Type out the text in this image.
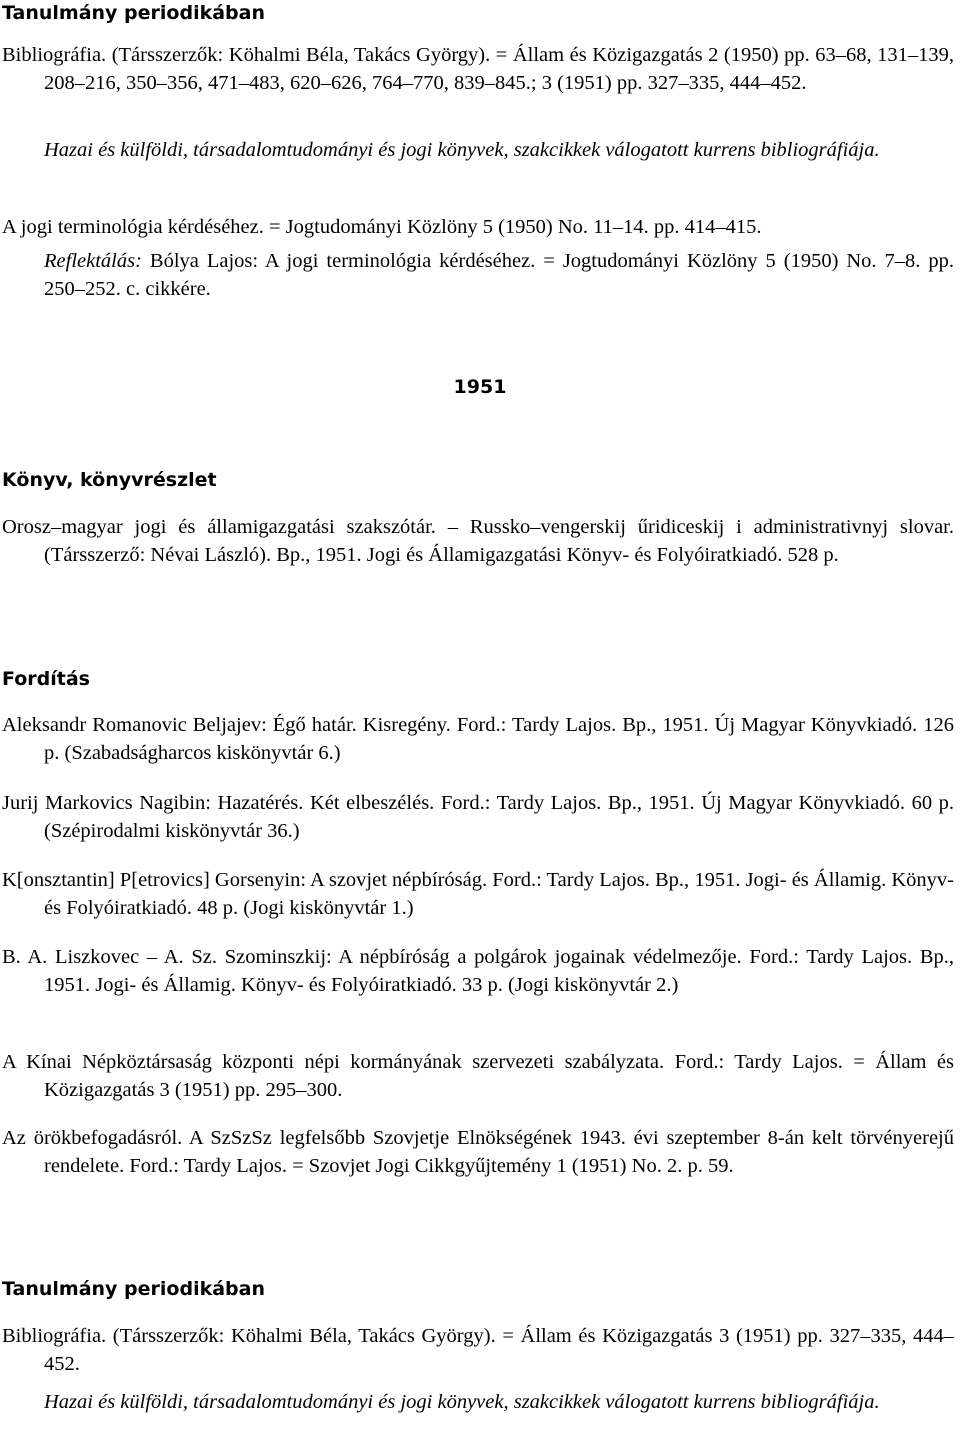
Tanulmány periodikában

Bibliográfia. (Társszerzők: Köhalmi Béla, Takács György). = Állam és Közigazgatás 2 (1950) pp. 63–68, 131–139, 208–216, 350–356, 471–483, 620–626, 764–770, 839–845.; 3 (1951) pp. 327–335, 444–452.

Hazai és külföldi, társadalomtudományi és jogi könyvek, szakcikkek válogatott kurrens bibliográfiája.

A jogi terminológia kérdéséhez. = Jogtudományi Közlöny 5 (1950) No. 11–14. pp. 414–415.

Reflektálás: Bólya Lajos: A jogi terminológia kérdéséhez. = Jogtudományi Közlöny 5 (1950) No. 7–8. pp. 250–252. c. cikkére.

1951
Könyv, könyvrészlet

Orosz–magyar jogi és államigazgatási szakszótár. – Russko–vengerskij űridiceskij i administrativnyj slovar. (Társszerző: Névai László). Bp., 1951. Jogi és Államigazgatási Könyv- és Folyóiratkiadó. 528 p.

Fordítás

Aleksandr Romanovic Beljajev: Égő határ. Kisregény. Ford.: Tardy Lajos. Bp., 1951. Új Magyar Könyvkiadó. 126 p. (Szabadságharcos kiskönyvtár 6.)

Jurij Markovics Nagibin: Hazatérés. Két elbeszélés. Ford.: Tardy Lajos. Bp., 1951. Új Magyar Könyvkiadó. 60 p. (Szépirodalmi kiskönyvtár 36.)

K[onsztantin] P[etrovics] Gorsenyin: A szovjet népbíróság. Ford.: Tardy Lajos. Bp., 1951. Jogi- és Államig. Könyv- és Folyóiratkiadó. 48 p. (Jogi kiskönyvtár 1.)

B. A. Liszkovec – A. Sz. Szominszkij: A népbíróság a polgárok jogainak védelmezője. Ford.: Tardy Lajos. Bp., 1951. Jogi- és Államig. Könyv- és Folyóiratkiadó. 33 p. (Jogi kiskönyvtár 2.)

A Kínai Népköztársaság központi népi kormányának szervezeti szabályzata. Ford.: Tardy Lajos. = Állam és Közigazgatás 3 (1951) pp. 295–300.

Az örökbefogadásról. A SzSzSz legfelsőbb Szovjetje Elnökségének 1943. évi szeptember 8-án kelt törvényerejű rendelete. Ford.: Tardy Lajos. = Szovjet Jogi Cikkgyűjtemény 1 (1951) No. 2. p. 59.

Tanulmány periodikában

Bibliográfia. (Társszerzők: Köhalmi Béla, Takács György). = Állam és Közigazgatás 3 (1951) pp. 327–335, 444–452.

Hazai és külföldi, társadalomtudományi és jogi könyvek, szakcikkek válogatott kurrens bibliográfiája.
